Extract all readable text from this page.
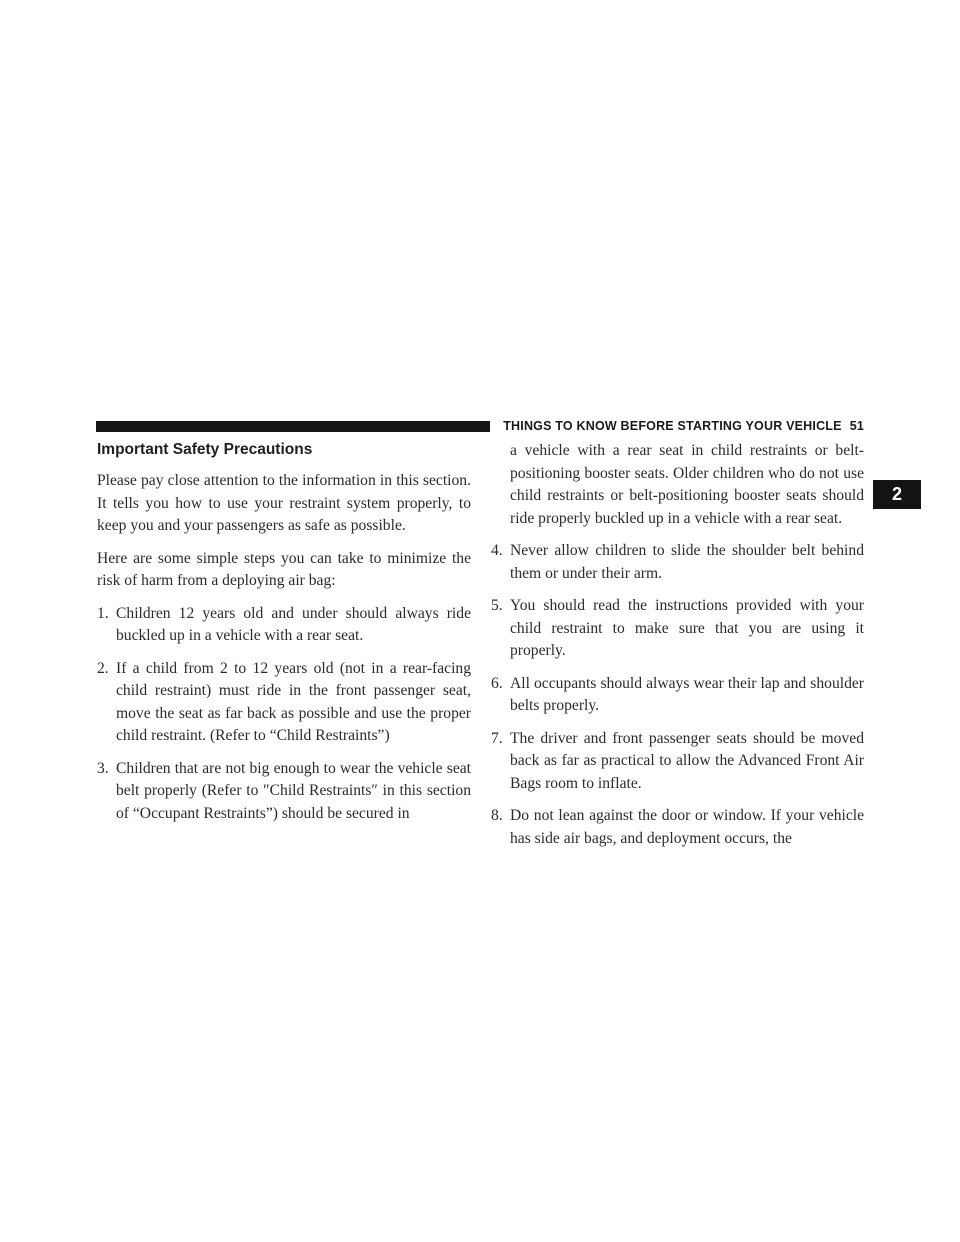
THINGS TO KNOW BEFORE STARTING YOUR VEHICLE 51
2
Important Safety Precautions

Please pay close attention to the information in this section. It tells you how to use your restraint system properly, to keep you and your passengers as safe as possible.

Here are some simple steps you can take to minimize the risk of harm from a deploying air bag:

1. Children 12 years old and under should always ride buckled up in a vehicle with a rear seat.
2. If a child from 2 to 12 years old (not in a rear-facing child restraint) must ride in the front passenger seat, move the seat as far back as possible and use the proper child restraint. (Refer to “Child Restraints”)
3. Children that are not big enough to wear the vehicle seat belt properly (Refer to ″Child Restraints″ in this section of “Occupant Restraints”) should be secured in
a vehicle with a rear seat in child restraints or belt-positioning booster seats. Older children who do not use child restraints or belt-positioning booster seats should ride properly buckled up in a vehicle with a rear seat.
4. Never allow children to slide the shoulder belt behind them or under their arm.
5. You should read the instructions provided with your child restraint to make sure that you are using it properly.
6. All occupants should always wear their lap and shoulder belts properly.
7. The driver and front passenger seats should be moved back as far as practical to allow the Advanced Front Air Bags room to inflate.
8. Do not lean against the door or window. If your vehicle has side air bags, and deployment occurs, the
